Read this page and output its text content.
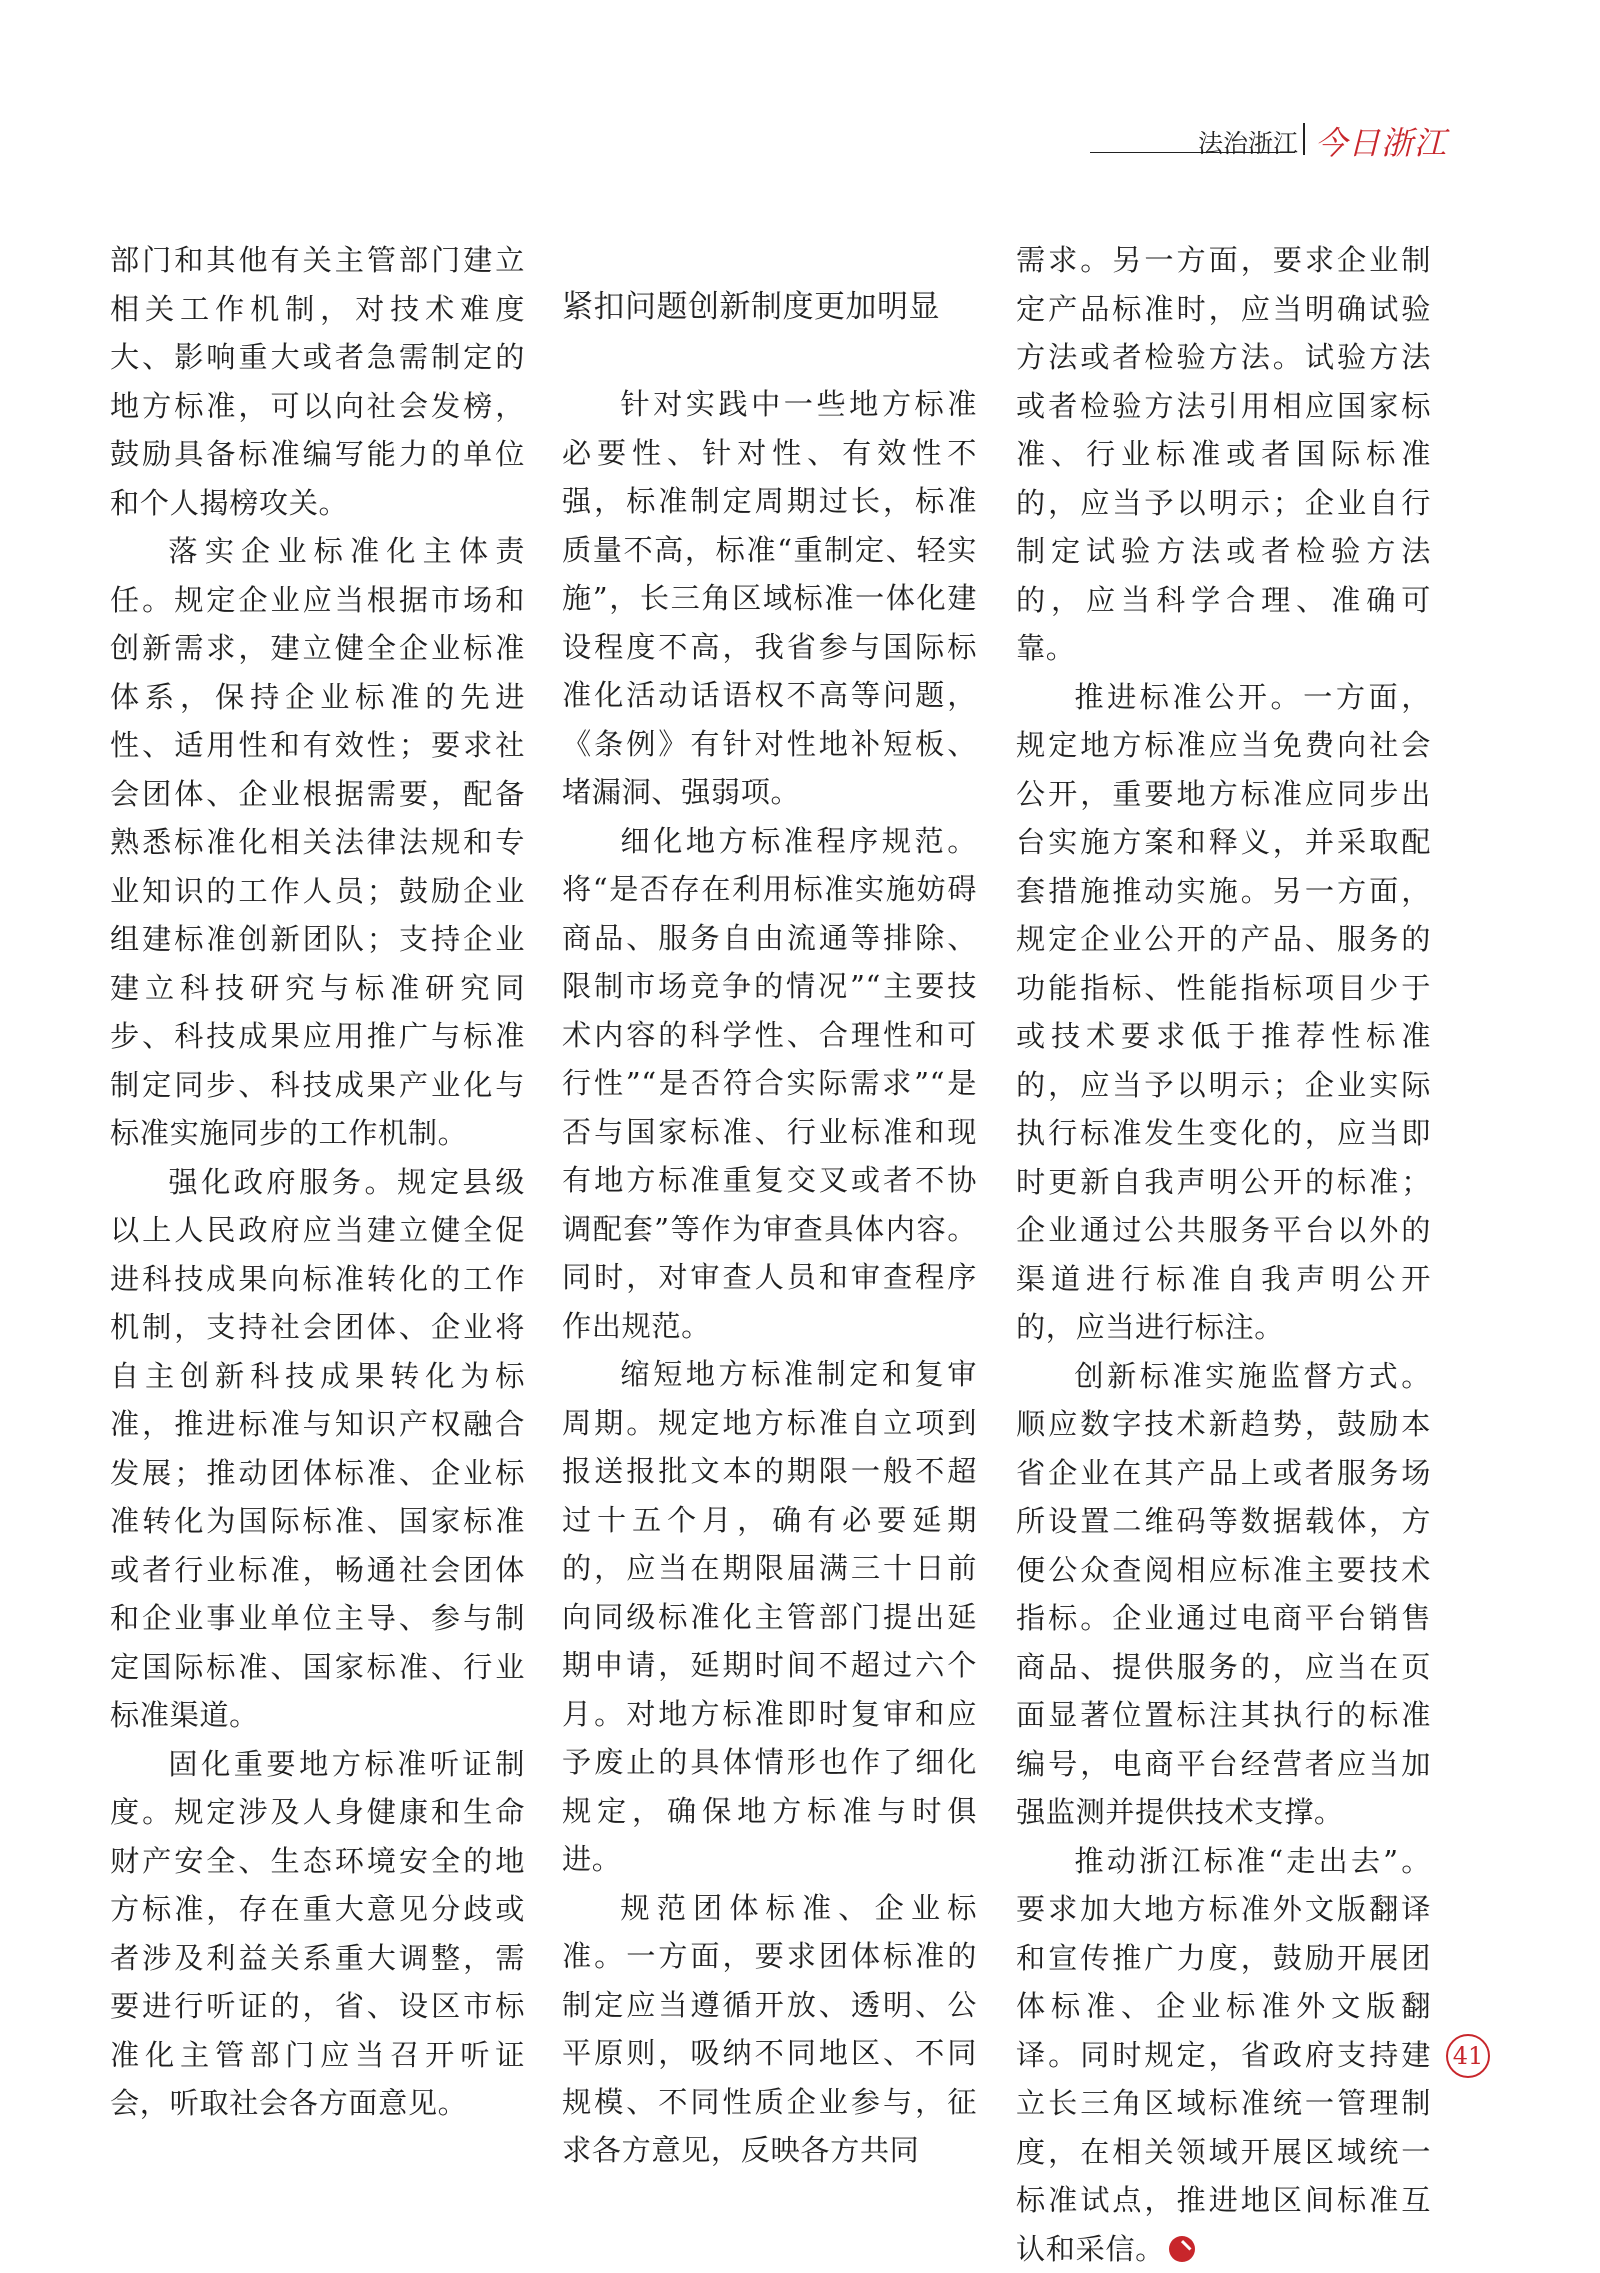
法治浙江 今日浙江

部门和其他有关主管部门建立相关工作机制，对技术难度大、影响重大或者急需制定的地方标准，可以向社会发榜，鼓励具备标准编写能力的单位和个人揭榜攻关。

落实企业标准化主体责任。规定企业应当根据市场和创新需求，建立健全企业标准体系，保持企业标准的先进性、适用性和有效性；要求社会团体、企业根据需要，配备熟悉标准化相关法律法规和专业知识的工作人员；鼓励企业组建标准创新团队；支持企业建立科技研究与标准研究同步、科技成果应用推广与标准制定同步、科技成果产业化与标准实施同步的工作机制。

强化政府服务。规定县级以上人民政府应当建立健全促进科技成果向标准转化的工作机制，支持社会团体、企业将自主创新科技成果转化为标准，推进标准与知识产权融合发展；推动团体标准、企业标准转化为国际标准、国家标准或者行业标准，畅通社会团体和企业事业单位主导、参与制定国际标准、国家标准、行业标准渠道。

固化重要地方标准听证制度。规定涉及人身健康和生命财产安全、生态环境安全的地方标准，存在重大意见分歧或者涉及利益关系重大调整，需要进行听证的，省、设区市标准化主管部门应当召开听证会，听取社会各方面意见。

紧扣问题创新制度更加明显

针对实践中一些地方标准必要性、针对性、有效性不强，标准制定周期过长，标准质量不高，标准“重制定、轻实施”，长三角区域标准一体化建设程度不高，我省参与国际标准化活动话语权不高等问题，《条例》有针对性地补短板、堵漏洞、强弱项。

细化地方标准程序规范。将“是否存在利用标准实施妨碍商品、服务自由流通等排除、限制市场竞争的情况”“主要技术内容的科学性、合理性和可行性”“是否符合实际需求”“是否与国家标准、行业标准和现有地方标准重复交叉或者不协调配套”等作为审查具体内容。同时，对审查人员和审查程序作出规范。

缩短地方标准制定和复审周期。规定地方标准自立项到报送报批文本的期限一般不超过十五个月，确有必要延期的，应当在期限届满三十日前向同级标准化主管部门提出延期申请，延期时间不超过六个月。对地方标准即时复审和应予废止的具体情形也作了细化规定，确保地方标准与时俱进。

规范团体标准、企业标准。一方面，要求团体标准的制定应当遵循开放、透明、公平原则，吸纳不同地区、不同规模、不同性质企业参与，征求各方意见，反映各方共同

需求。另一方面，要求企业制定产品标准时，应当明确试验方法或者检验方法。试验方法或者检验方法引用相应国家标准、行业标准或者国际标准的，应当予以明示；企业自行制定试验方法或者检验方法的，应当科学合理、准确可靠。

推进标准公开。一方面，规定地方标准应当免费向社会公开，重要地方标准应同步出台实施方案和释义，并采取配套措施推动实施。另一方面，规定企业公开的产品、服务的功能指标、性能指标项目少于或技术要求低于推荐性标准的，应当予以明示；企业实际执行标准发生变化的，应当即时更新自我声明公开的标准；企业通过公共服务平台以外的渠道进行标准自我声明公开的，应当进行标注。

创新标准实施监督方式。顺应数字技术新趋势，鼓励本省企业在其产品上或者服务场所设置二维码等数据载体，方便公众查阅相应标准主要技术指标。企业通过电商平台销售商品、提供服务的，应当在页面显著位置标注其执行的标准编号，电商平台经营者应当加强监测并提供技术支撑。

推动浙江标准“走出去”。要求加大地方标准外文版翻译和宣传推广力度，鼓励开展团体标准、企业标准外文版翻译。同时规定，省政府支持建立长三角区域标准统一管理制度，在相关领域开展区域统一标准试点，推进地区间标准互认和采信。

41
